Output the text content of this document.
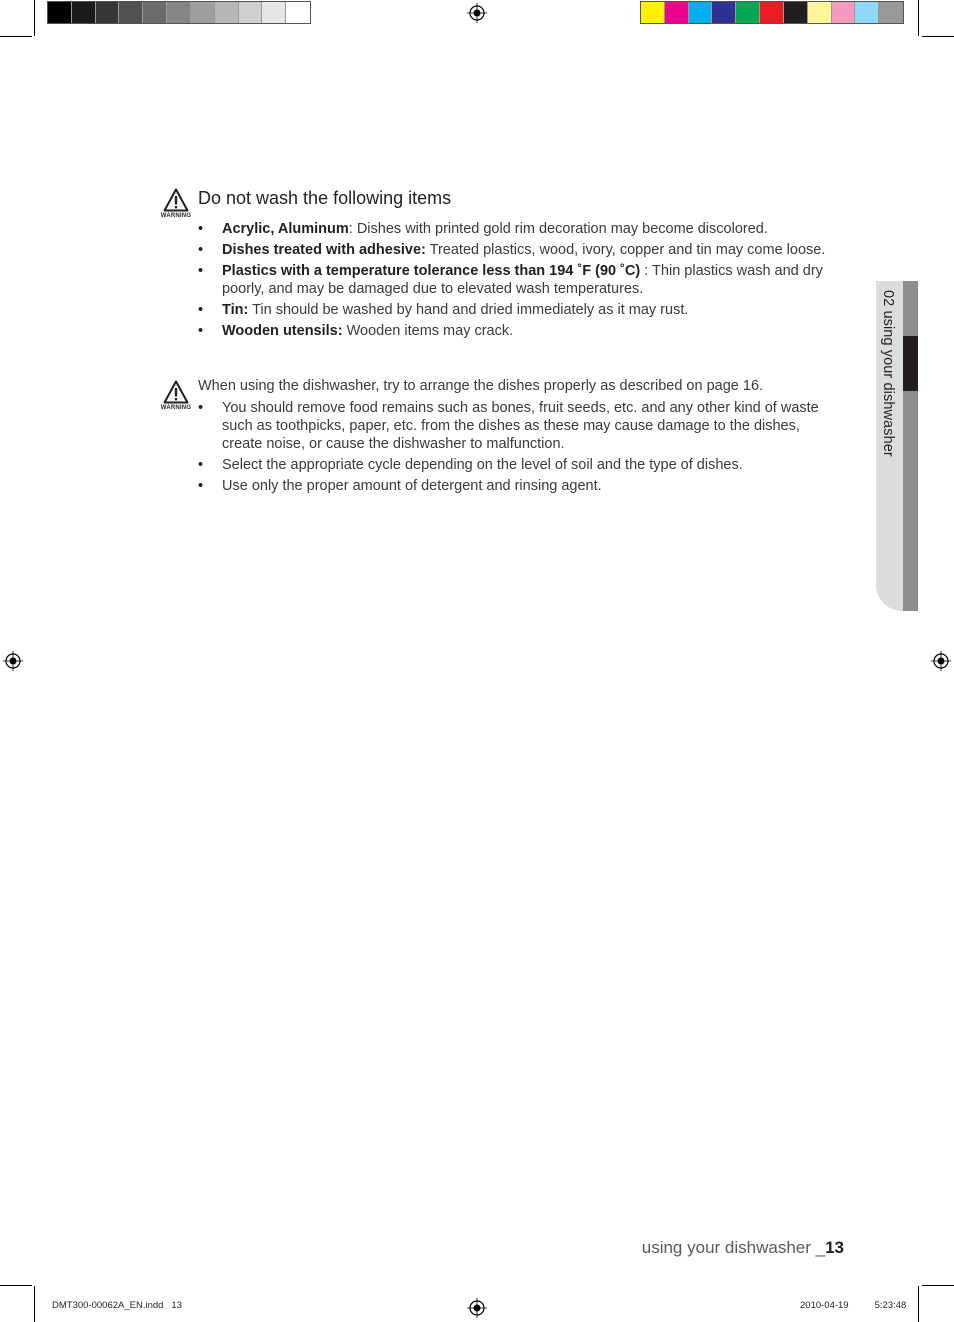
WARNING
Do not wash the following items
• Acrylic, Aluminum: Dishes with printed gold rim decoration may become discolored.
• Dishes treated with adhesive: Treated plastics, wood, ivory, copper and tin may come loose.
• Plastics with a temperature tolerance less than 194 ˚F (90 ˚C) : Thin plastics wash and dry poorly, and may be damaged due to elevated wash temperatures.
• Tin: Tin should be washed by hand and dried immediately as it may rust.
• Wooden utensils: Wooden items may crack.
WARNING
When using the dishwasher, try to arrange the dishes properly as described on page 16.
• You should remove food remains such as bones, fruit seeds, etc. and any other kind of waste such as toothpicks, paper, etc. from the dishes as these may cause damage to the dishes, create noise, or cause the dishwasher to malfunction.
• Select the appropriate cycle depending on the level of soil and the type of dishes.
• Use only the proper amount of detergent and rinsing agent.
02 using your dishwasher
using your dishwasher _13
DMT300-00062A_EN.indd   13	2010-04-19	5:23:48
